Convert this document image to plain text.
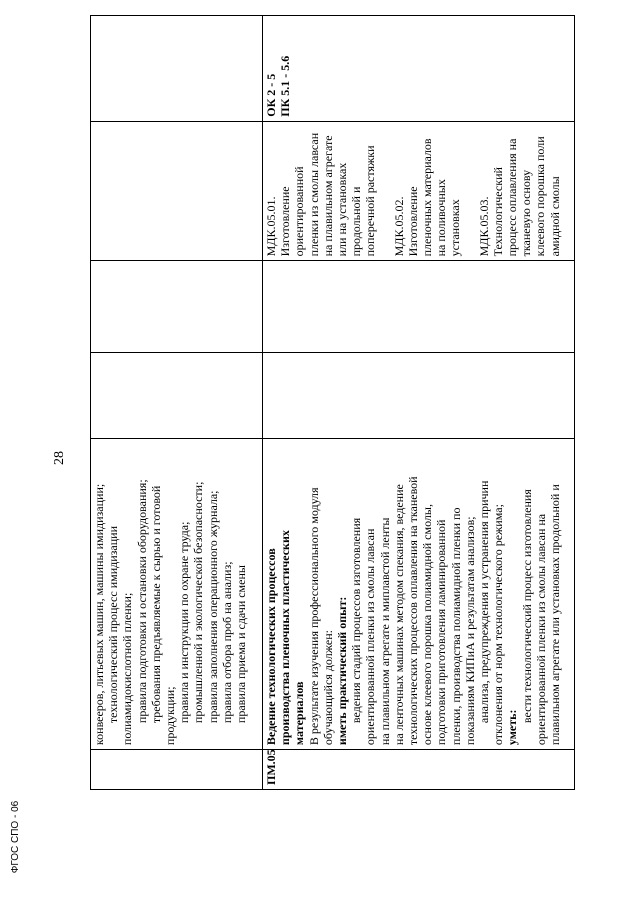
28
ФГОС СПО - 06
конвееров, литьевых машин, машины имидизации; технологический процесс имидизации полиамидокислотной пленки; правила подготовки и остановки оборудования; требования предъявляемые к сырью и готовой продукции; правила и инструкции по охране труда; промышленной и экологической безопасности; правила заполнения операционного журнала; правила отбора проб на анализ; правила приема и сдачи смены
ПМ.05
Ведение технологических процессов производства пленочных пластических материалов В результате изучения профессионального модуля обучающийся должен: иметь практический опыт: ведения стадий процессов изготовления ориентированной пленки из смолы лавсан на плавильном агрегате и миплавстой ленты на ленточных машинах методом спекания, ведение технологических процессов оплавления на тканевой основе клеевого порошка полиамидной смолы, подготовки приготовления ламинированной пленки, производства полиамидной пленки по показаниям КИПиА и результатам анализов; анализа, предупреждения и устранения причин отклонения от норм технологического режима; уметь:
вести технологический процесс изготовления ориентированной пленки из смолы лавсан на плавильном агрегате или установках продольной и
МДК.05.01. Изготовление ориентированной пленки из смолы лавсан на плавильном агрегате или на установках продольной и поперечной растяжки МДК.05.02. Изготовление пленочных материалов на поливочных установках МДК.05.03. Технологический процесс оплавления на тканевую основу клеевого порошка поли амидной смолы
ОК 2 - 5 ПК 5.1 - 5.6
